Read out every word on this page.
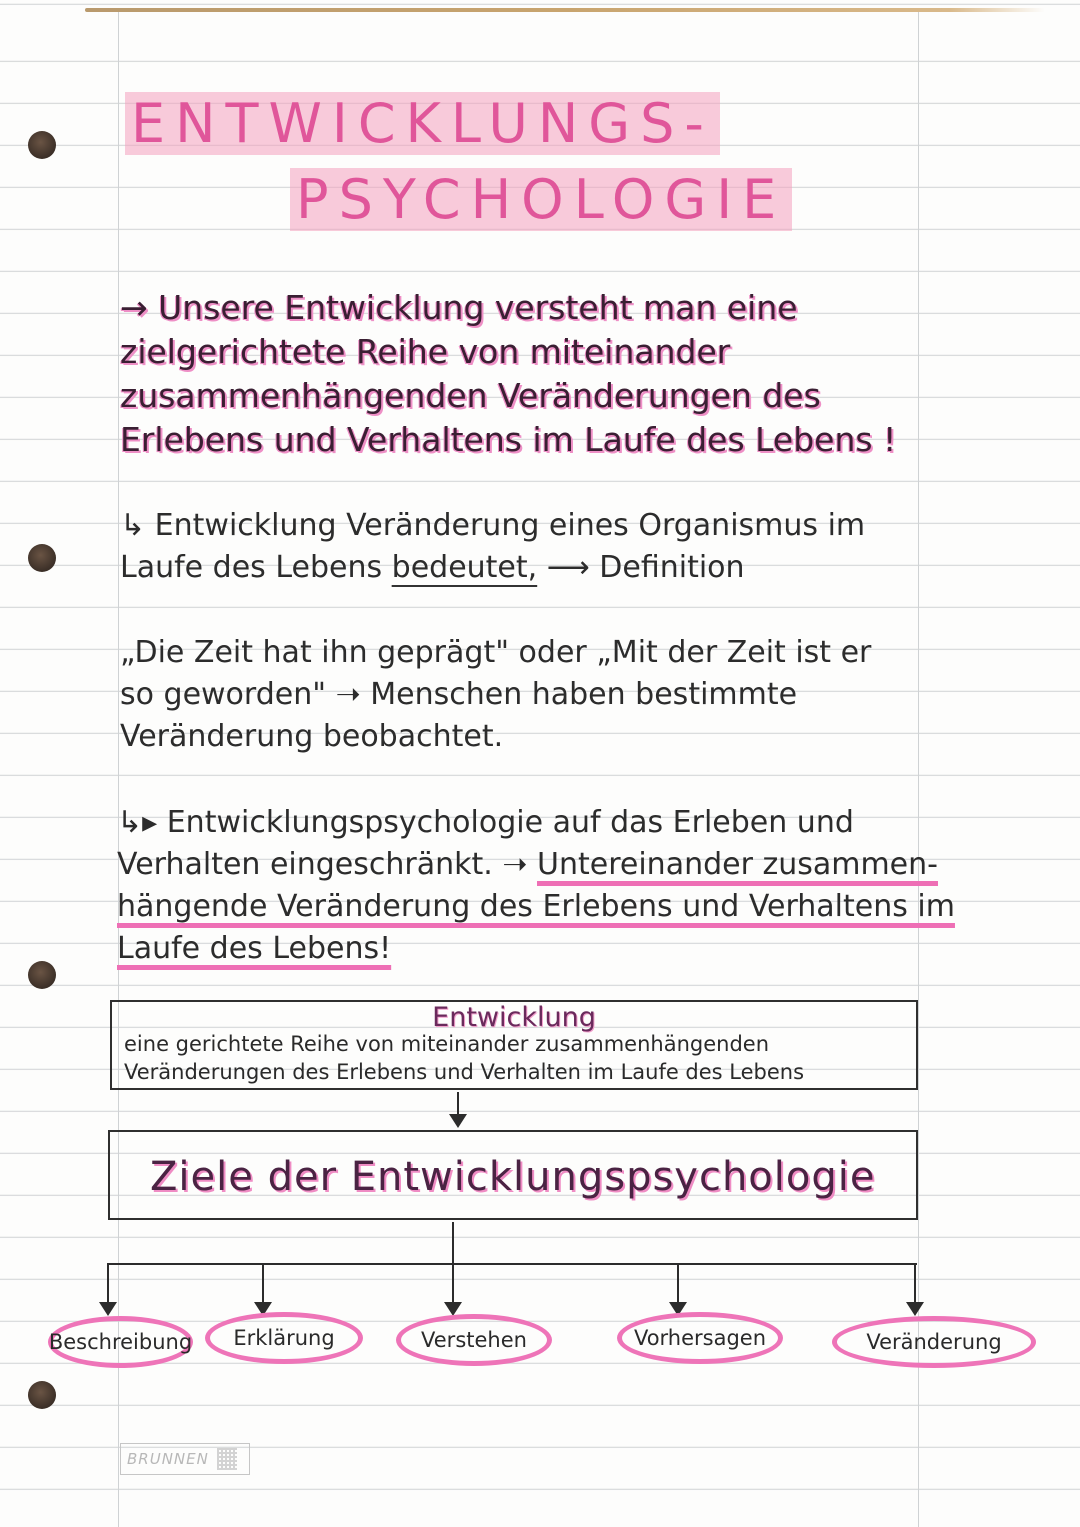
ENTWICKLUNGS-
PSYCHOLOGIE
→ Unsere Entwicklung versteht man eine zielgerichtete Reihe von miteinander zusammenhängenden Veränderungen des Erlebens und Verhaltens im Laufe des Lebens !
↳ Entwicklung Veränderung eines Organismus im Laufe des Lebens bedeutet, ⟶ Definition
„Die Zeit hat ihn geprägt" oder „Mit der Zeit ist er so geworden" ➝ Menschen haben bestimmte Veränderung beobachtet.
↳▸ Entwicklungspsychologie auf das Erleben und Verhalten eingeschränkt. ➝ Untereinander zusammen-hängende Veränderung des Erlebens und Verhaltens im Laufe des Lebens!
Entwicklung
eine gerichtete Reihe von miteinander zusammenhängenden Veränderungen des Erlebens und Verhalten im Laufe des Lebens
Ziele der Entwicklungspsychologie
Beschreibung Erklärung	Verstehen	Vorhersagen	Veränderung
BRUNNEN
